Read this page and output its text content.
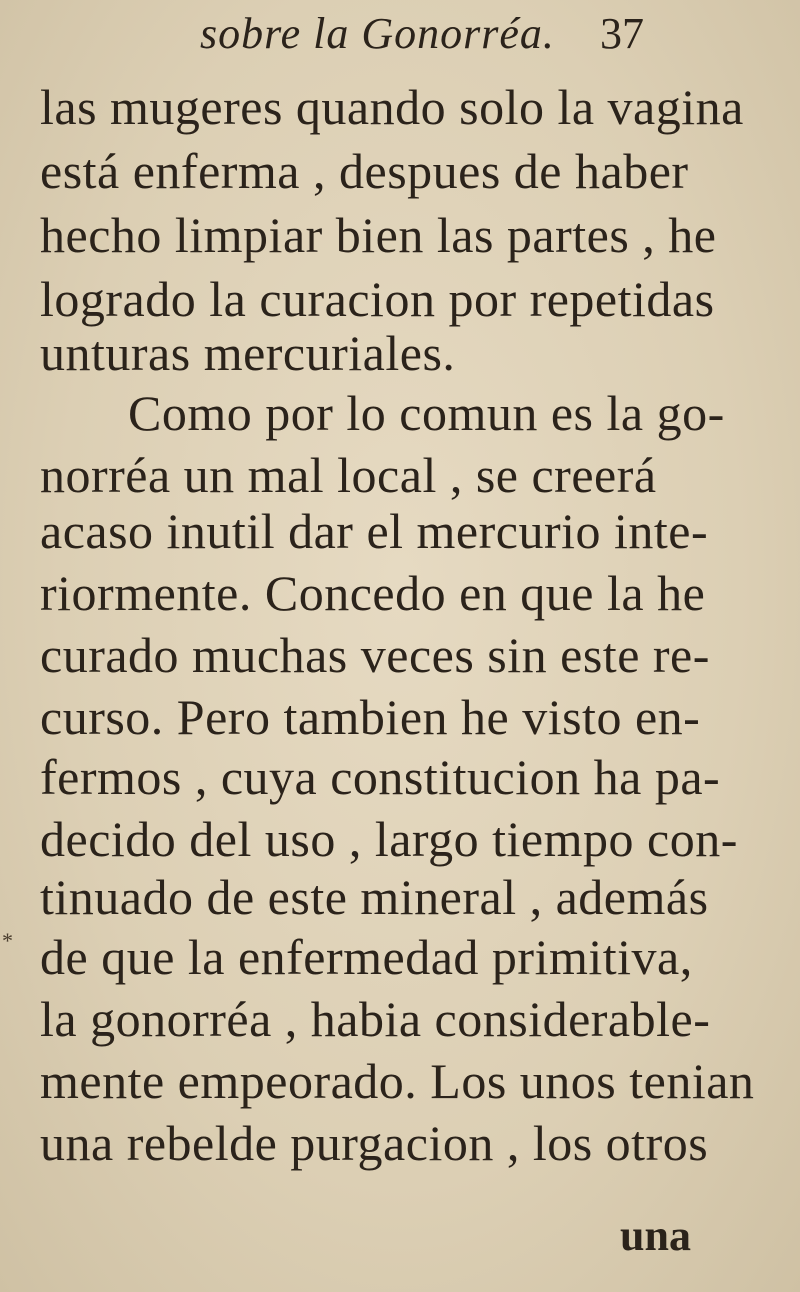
sobre la Gonorréa. 37
las mugeres quando solo la vagina
está enferma , despues de haber
hecho limpiar bien las partes , he
logrado la curacion por repetidas
unturas mercuriales.
Como por lo comun es la go-
norréa un mal local , se creerá
acaso inutil dar el mercurio inte-
riormente. Concedo en que la he
curado muchas veces sin este re-
curso. Pero tambien he visto en-
fermos , cuya constitucion ha pa-
decido del uso , largo tiempo con-
tinuado de este mineral , además
de que la enfermedad primitiva,
la gonorréa , habia considerable-
mente empeorado. Los unos tenian
una rebelde purgacion , los otros
*
una
